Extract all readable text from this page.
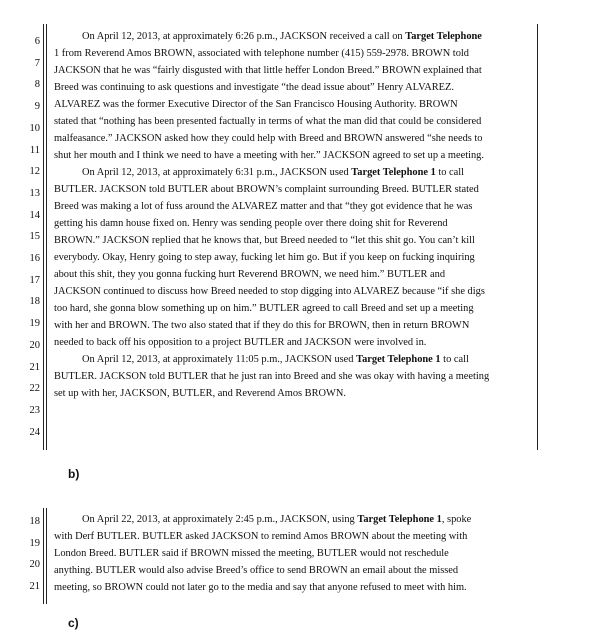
6
7
8
9
10
11
12
13
14
15
16
17
18
19
20
21
22
23
24

On April 12, 2013, at approximately 6:26 p.m., JACKSON received a call on Target Telephone
1 from Reverend Amos BROWN, associated with telephone number (415) 559-2978. BROWN told
JACKSON that he was “fairly disgusted with that little heffer London Breed.” BROWN explained that
Breed was continuing to ask questions and investigate “the dead issue about” Henry ALVAREZ.
ALVAREZ was the former Executive Director of the San Francisco Housing Authority. BROWN
stated that “nothing has been presented factually in terms of what the man did that could be considered
malfeasance.” JACKSON asked how they could help with Breed and BROWN answered “she needs to
shut her mouth and I think we need to have a meeting with her.” JACKSON agreed to set up a meeting.

On April 12, 2013, at approximately 6:31 p.m., JACKSON used Target Telephone 1 to call
BUTLER. JACKSON told BUTLER about BROWN’s complaint surrounding Breed. BUTLER stated
Breed was making a lot of fuss around the ALVAREZ matter and that “they got evidence that he was
getting his damn house fixed on. Henry was sending people over there doing shit for Reverend
BROWN.” JACKSON replied that he knows that, but Breed needed to “let this shit go. You can’t kill
everybody. Okay, Henry going to step away, fucking let him go. But if you keep on fucking inquiring
about this shit, they you gonna fucking hurt Reverend BROWN, we need him.” BUTLER and
JACKSON continued to discuss how Breed needed to stop digging into ALVAREZ because “if she digs
too hard, she gonna blow something up on him.” BUTLER agreed to call Breed and set up a meeting
with her and BROWN. The two also stated that if they do this for BROWN, then in return BROWN
needed to back off his opposition to a project BUTLER and JACKSON were involved in.

On April 12, 2013, at approximately 11:05 p.m., JACKSON used Target Telephone 1 to call
BUTLER. JACKSON told BUTLER that he just ran into Breed and she was okay with having a meeting
set up with her, JACKSON, BUTLER, and Reverend Amos BROWN.

b)
18
19
20
21

On April 22, 2013, at approximately 2:45 p.m., JACKSON, using Target Telephone 1, spoke
with Derf BUTLER. BUTLER asked JACKSON to remind Amos BROWN about the meeting with
London Breed. BUTLER said if BROWN missed the meeting, BUTLER would not reschedule
anything. BUTLER would also advise Breed’s office to send BROWN an email about the missed
meeting, so BROWN could not later go to the media and say that anyone refused to meet with him.

c)
